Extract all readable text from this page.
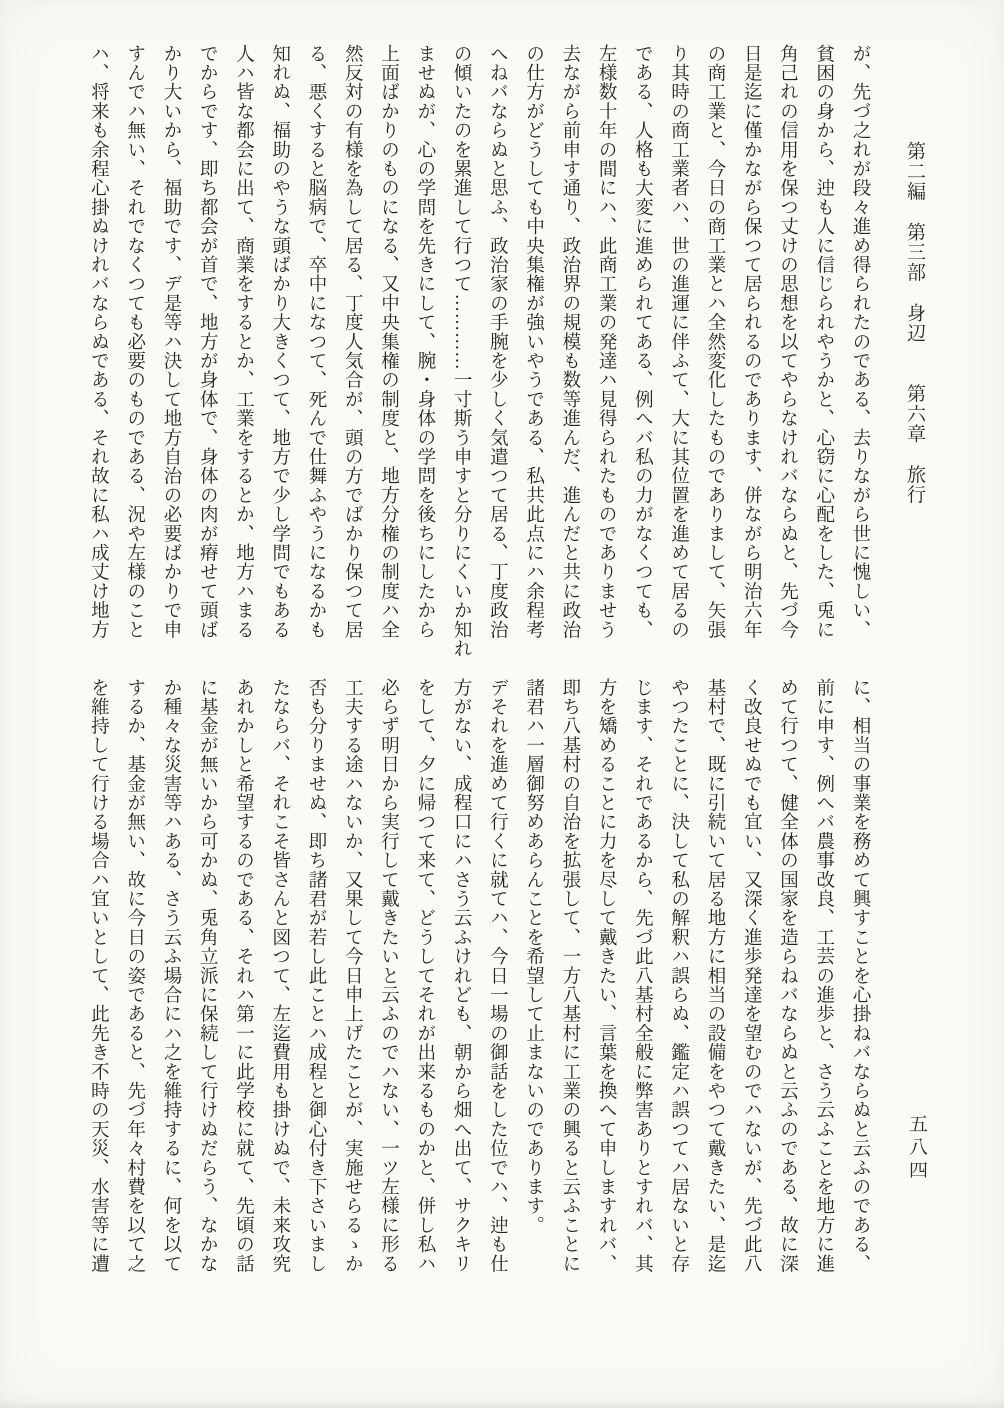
第二編　第三部　身辺　　第六章　旅行
五八四
が、先づ之れが段々進め得られたのである、去りながら世に愧しい、
貧困の身から、迚も人に信じられやうかと、心窃に心配をした、兎に
角己れの信用を保つ丈けの思想を以てやらなけれバならぬと、先づ今
日是迄に僅かながら保つて居られるのであります、併ながら明治六年
の商工業と、今日の商工業とハ全然変化したものでありまして、矢張
り其時の商工業者ハ、世の進運に伴ふて、大に其位置を進めて居るの
である、人格も大変に進められてある、例へバ私の力がなくつても、
左様数十年の間にハ、此商工業の発達ハ見得られたものでありませう
去ながら前申す通り、政治界の規模も数等進んだ、進んだと共に政治
の仕方がどうしても中央集権が強いやうである、私共此点にハ余程考
へねバならぬと思ふ、政治家の手腕を少しく気遣つて居る、丁度政治
の傾いたのを累進して行つて…………一寸斯う申すと分りにくいか知れ
ませぬが、心の学問を先きにして、腕・身体の学問を後ちにしたから
上面ばかりのものになる、又中央集権の制度と、地方分権の制度ハ全
然反対の有様を為して居る、丁度人気合が、頭の方でばかり保つて居
る、悪くすると脳病で、卒中になつて、死んで仕舞ふやうになるかも
知れぬ、福助のやうな頭ばかり大きくつて、地方で少し学問でもある
人ハ皆な都会に出て、商業をするとか、工業をするとか、地方ハまる
でからです、即ち都会が首で、地方が身体で、身体の肉が瘠せて頭ば
かり大いから、福助です、デ是等ハ決して地方自治の必要ばかりで申
すんでハ無い、それでなくつても必要のものである、況や左様のこと
ハ、将来も余程心掛ぬけれバならぬである、それ故に私ハ成丈け地方
に、相当の事業を務めて興すことを心掛ねバならぬと云ふのである、
前に申す、例へバ農事改良、工芸の進歩と、さう云ふことを地方に進
めて行つて、健全体の国家を造らねバならぬと云ふのである、故に深
く改良せぬでも宜い、又深く進歩発達を望むのでハないが、先づ此八
基村で、既に引続いて居る地方に相当の設備をやつて戴きたい、是迄
やつたことに、決して私の解釈ハ誤らぬ、鑑定ハ誤つてハ居ないと存
じます、それであるから、先づ此八基村全般に弊害ありとすれバ、其
方を矯めることに力を尽して戴きたい、言葉を換へて申しますれバ、
即ち八基村の自治を拡張して、一方八基村に工業の興ると云ふことに
諸君ハ一層御努めあらんことを希望して止まないのであります。
デそれを進めて行くに就てハ、今日一場の御話をした位でハ、迚も仕
方がない、成程口にハさう云ふけれども、朝から畑へ出て、サクキリ
をして、夕に帰つて来て、どうしてそれが出来るものかと、併し私ハ
必らず明日から実行して戴きたいと云ふのでハない、一ツ左様に形る
工夫する途ハないか、又果して今日申上げたことが、実施せらるゝか
否も分りませぬ、即ち諸君が若し此ことハ成程と御心付き下さいまし
たならバ、それこそ皆さんと図つて、左迄費用も掛けぬで、未来攻究
あれかしと希望するのである、それハ第一に此学校に就て、先頃の話
に基金が無いから可かぬ、兎角立派に保続して行けぬだらう、なかな
か種々な災害等ハある、さう云ふ場合にハ之を維持するに、何を以て
するか、基金が無い、故に今日の姿であると、先づ年々村費を以て之
を維持して行ける場合ハ宜いとして、此先き不時の天災、水害等に遭
